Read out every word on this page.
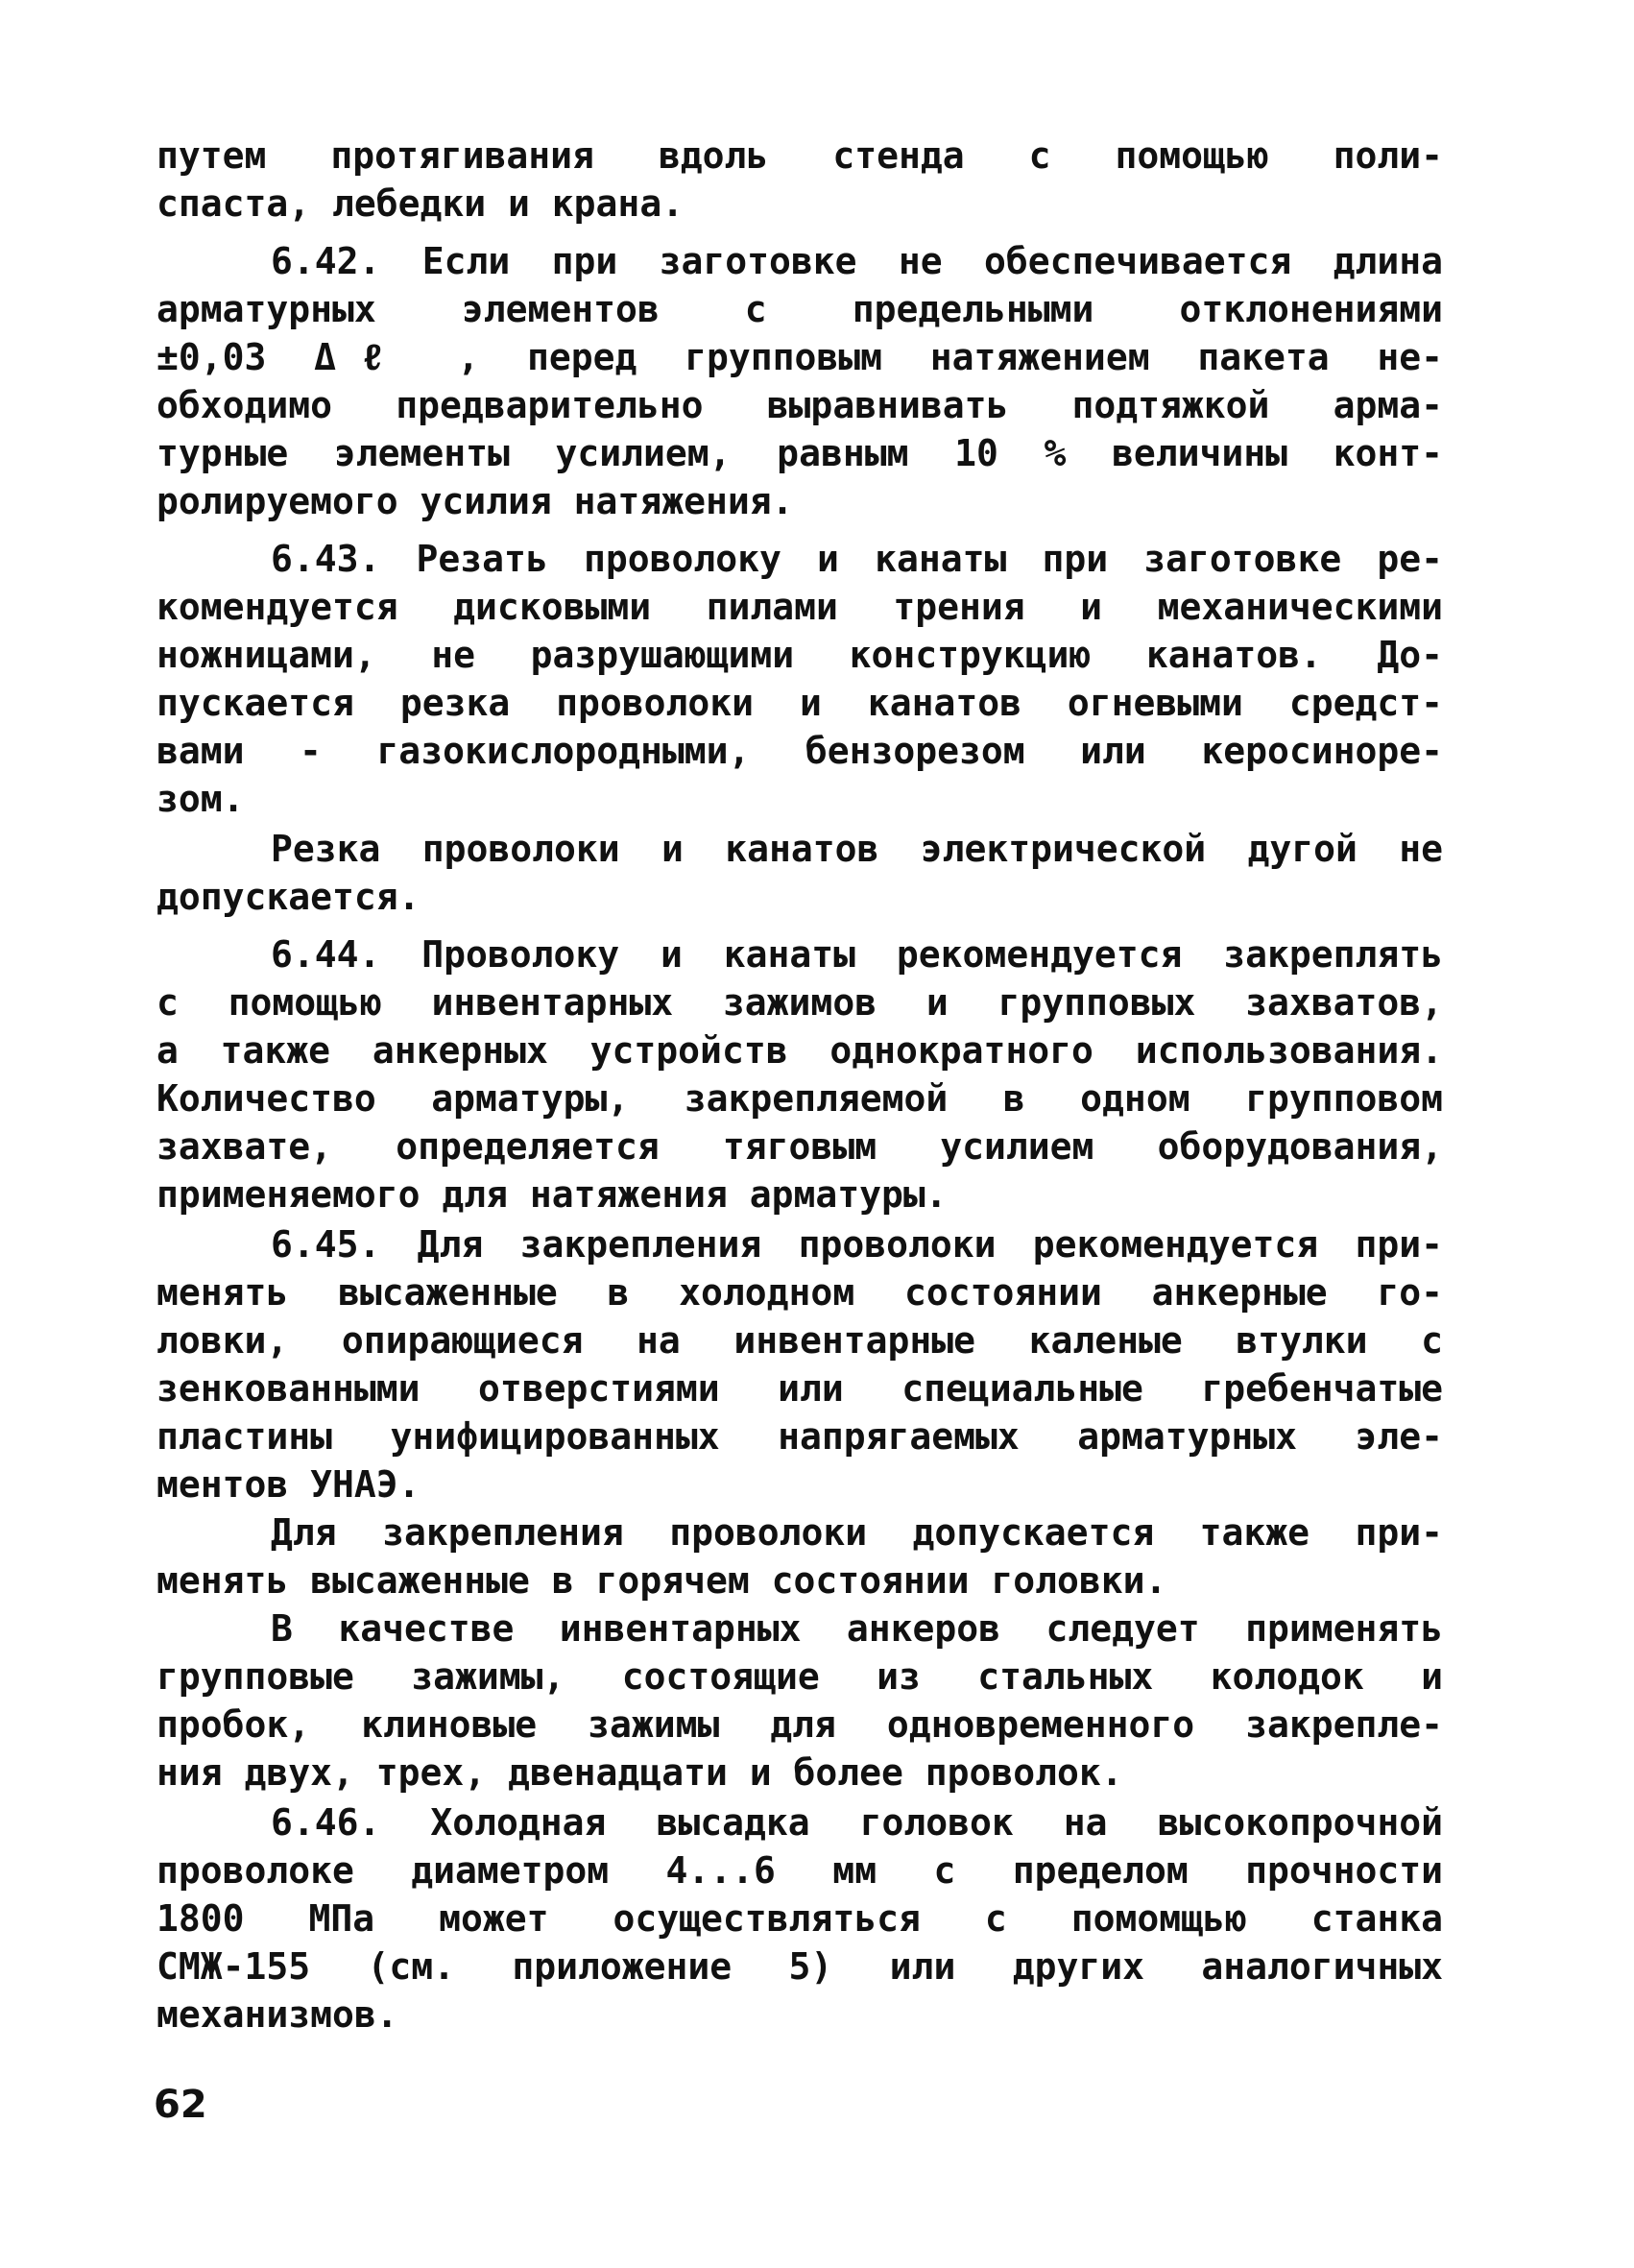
путем протягивания вдоль стенда с помощью поли-
спаста, лебедки и крана.
6.42. Если при заготовке не обеспечивается длина
арматурных элементов с предельными отклонениями
±0,03 Δℓ , перед групповым натяжением пакета не-
обходимо предварительно выравнивать подтяжкой арма-
турные элементы усилием, равным 10 % величины конт-
ролируемого усилия натяжения.
6.43. Резать проволоку и канаты при заготовке ре-
комендуется дисковыми пилами трения и механическими
ножницами, не разрушающими конструкцию канатов. До-
пускается резка проволоки и канатов огневыми средст-
вами - газокислородными, бензорезом или керосинорe-
зом.
Резка проволоки и канатов электрической дугой не
допускается.
6.44. Проволоку и канаты рекомендуется закреплять
с помощью инвентарных зажимов и групповых захватов,
а также анкерных устройств однократного использования.
Количество арматуры, закрепляемой в одном групповом
захвате, определяется тяговым усилием оборудования,
применяемого для натяжения арматуры.
6.45. Для закрепления проволоки рекомендуется при-
менять высаженные в холодном состоянии анкерные го-
ловки, опирающиеся на инвентарные каленые втулки с
зенкованными отверстиями или специальные гребенчатые
пластины унифицированных напрягаемых арматурных эле-
ментов УНАЭ.
Для закрепления проволоки допускается также при-
менять высаженные в горячем состоянии головки.
В качестве инвентарных анкеров следует применять
групповые зажимы, состоящие из стальных колодок и
пробок, клиновые зажимы для одновременного закрепле-
ния двух, трех, двенадцати и более проволок.
6.46. Холодная высадка головок на высокопрочной
проволоке диаметром 4...6 мм с пределом прочности
1800 МПа может осуществляться с помомщью станка
СМЖ-155 (см. приложение 5) или других аналогичных
механизмов.
62
